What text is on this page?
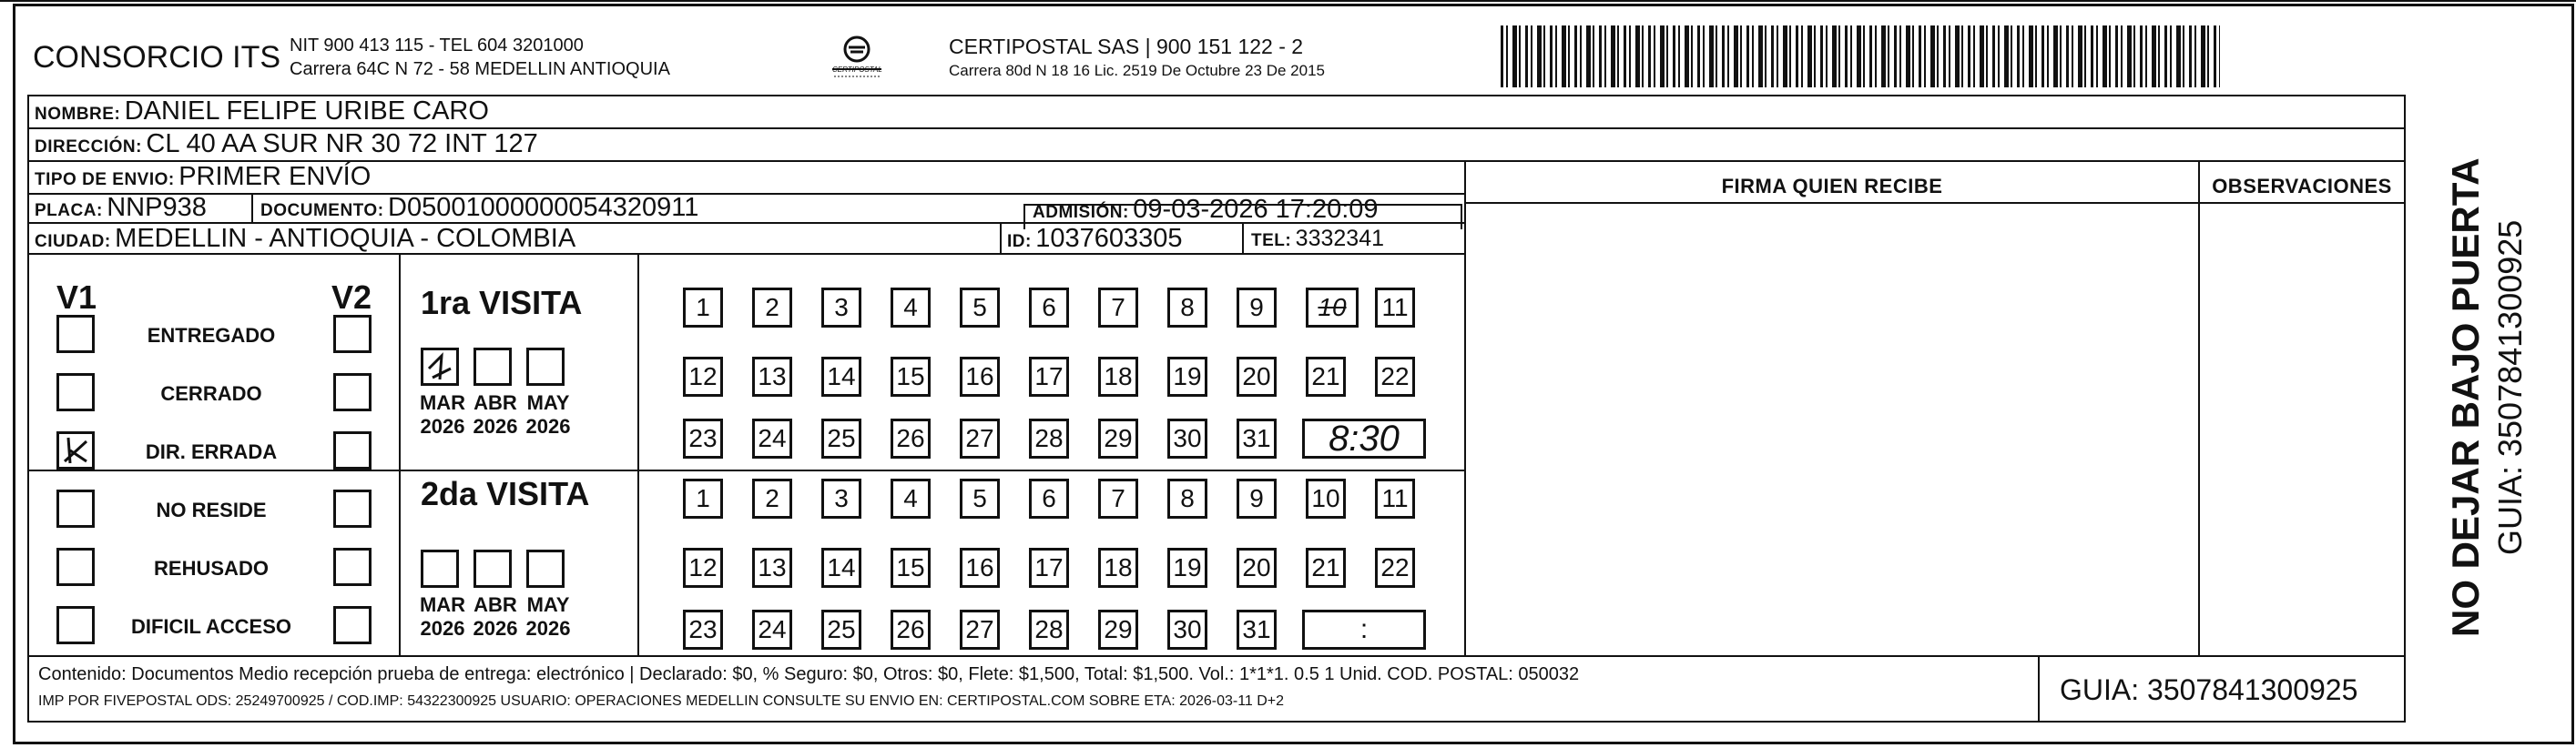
CONSORCIO ITS NIT 900 413 115 - TEL 604 3201000
Carrera 64C N 72 - 58 MEDELLIN ANTIOQUIA	CERTIPOSTAL
CERTIPOSTAL SAS | 900 151 122 - 2
Carrera 80d N 18 16 Lic. 2519 De Octubre 23 De 2015
NOMBRE: DANIEL FELIPE URIBE CARO
DIRECCIÓN: CL 40 AA SUR NR 30 72 INT 127
TIPO DE ENVIO: PRIMER ENVÍO
PLACA: NNP938	DOCUMENTO: D05001000000054320911	ADMISIÓN: 09-03-2026 17:20:09
CIUDAD: MEDELLIN - ANTIOQUIA - COLOMBIA	ID: 1037603305	TEL: 3332341
FIRMA QUIEN RECIBE	OBSERVACIONES
V1	V2
ENTREGADO
CERRADO
DIR. ERRADA
NO RESIDE
REHUSADO
DIFICIL ACCESO
1ra VISITA
2da VISITA
1	2	3	4	5	6	7	8	9	10	11
12 13 14 15 16 17 18 19 20 21 22
23 24 25 26 27 28 29 30 31	8:30
MAR
2026
ABR
2026
MAY
2026
1	2	3	4	5	6	7	8	9	10 11
12 13 14 15 16 17 18 19 20 21 22
23 24 25 26 27 28 29 30 31	:
MAR
2026
ABR
2026
MAY
2026
Contenido: Documentos Medio recepción prueba de entrega: electrónico | Declarado: $0, % Seguro: $0, Otros: $0, Flete: $1,500, Total: $1,500. Vol.: 1*1*1. 0.5 1 Unid. COD. POSTAL: 050032
IMP POR FIVEPOSTAL ODS: 25249700925 / COD.IMP: 54322300925 USUARIO: OPERACIONES MEDELLIN CONSULTE SU ENVIO EN: CERTIPOSTAL.COM SOBRE ETA: 2026-03-11 D+2	GUIA: 3507841300925
NO DEJAR BAJO PUERTA GUIA: 3507841300925
